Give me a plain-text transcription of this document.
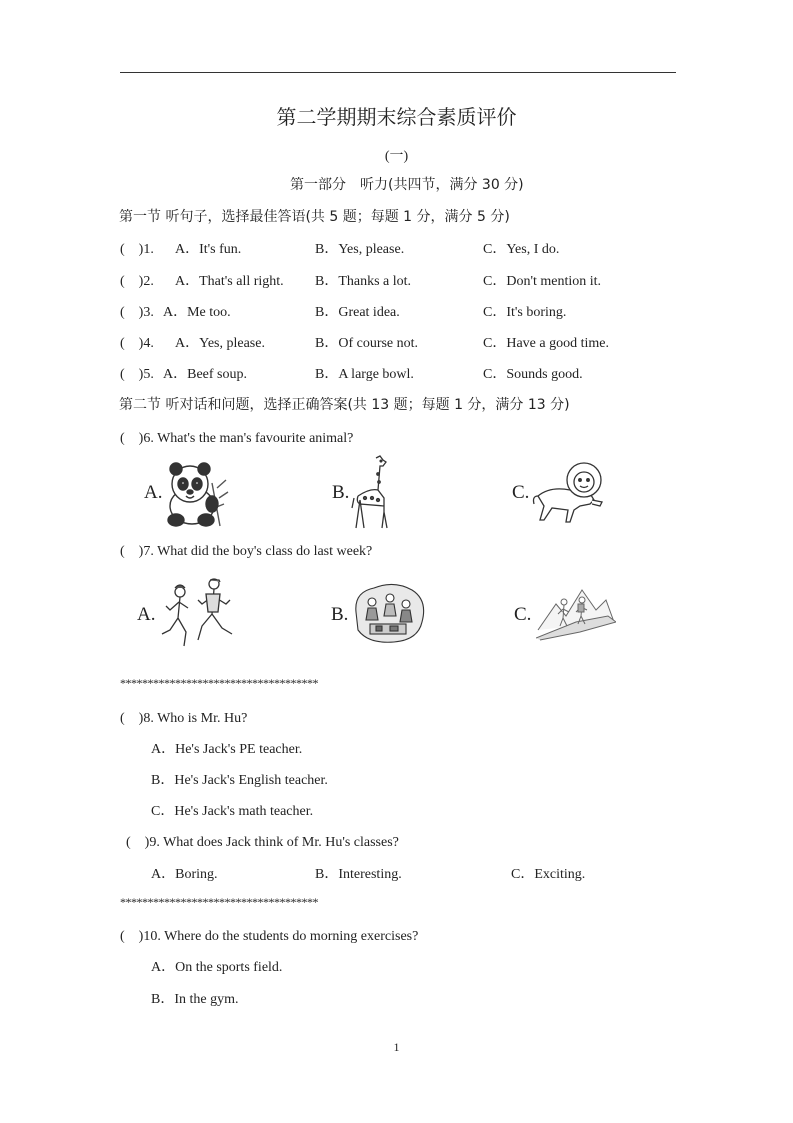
第二学期期末综合素质评价
(一)
第一部分　听力(共四节，满分 30 分)
第一节 听句子，选择最佳答语(共 5 题；每题 1 分，满分 5 分)
(　)1. A．It's fun.	B．Yes, please.	C．Yes, I do.
(　)2. A．That's all right. B．Thanks a lot.	C．Don't mention it.
(　)3. A．Me too.	B．Great idea.	C．It's boring.
(　)4. A．Yes, please.	B．Of course not.	C．Have a good time.
(　)5. A．Beef soup.	B．A large bowl.	C．Sounds good.
第二节 听对话和问题，选择正确答案(共 13 题；每题 1 分，满分 13 分)
(　)6. What's the man's favourite animal?
A.	B.	C.
(　)7. What did the boy's class do last week?
A.	B.	C.
************************************
(　)8. Who is Mr. Hu?
A．He's Jack's PE teacher.
B．He's Jack's English teacher.
C．He's Jack's math teacher.
(　)9. What does Jack think of Mr. Hu's classes?
A．Boring.	B．Interesting.	C．Exciting.
************************************
(　)10. Where do the students do morning exercises?
A．On the sports field.
B．In the gym.
1
